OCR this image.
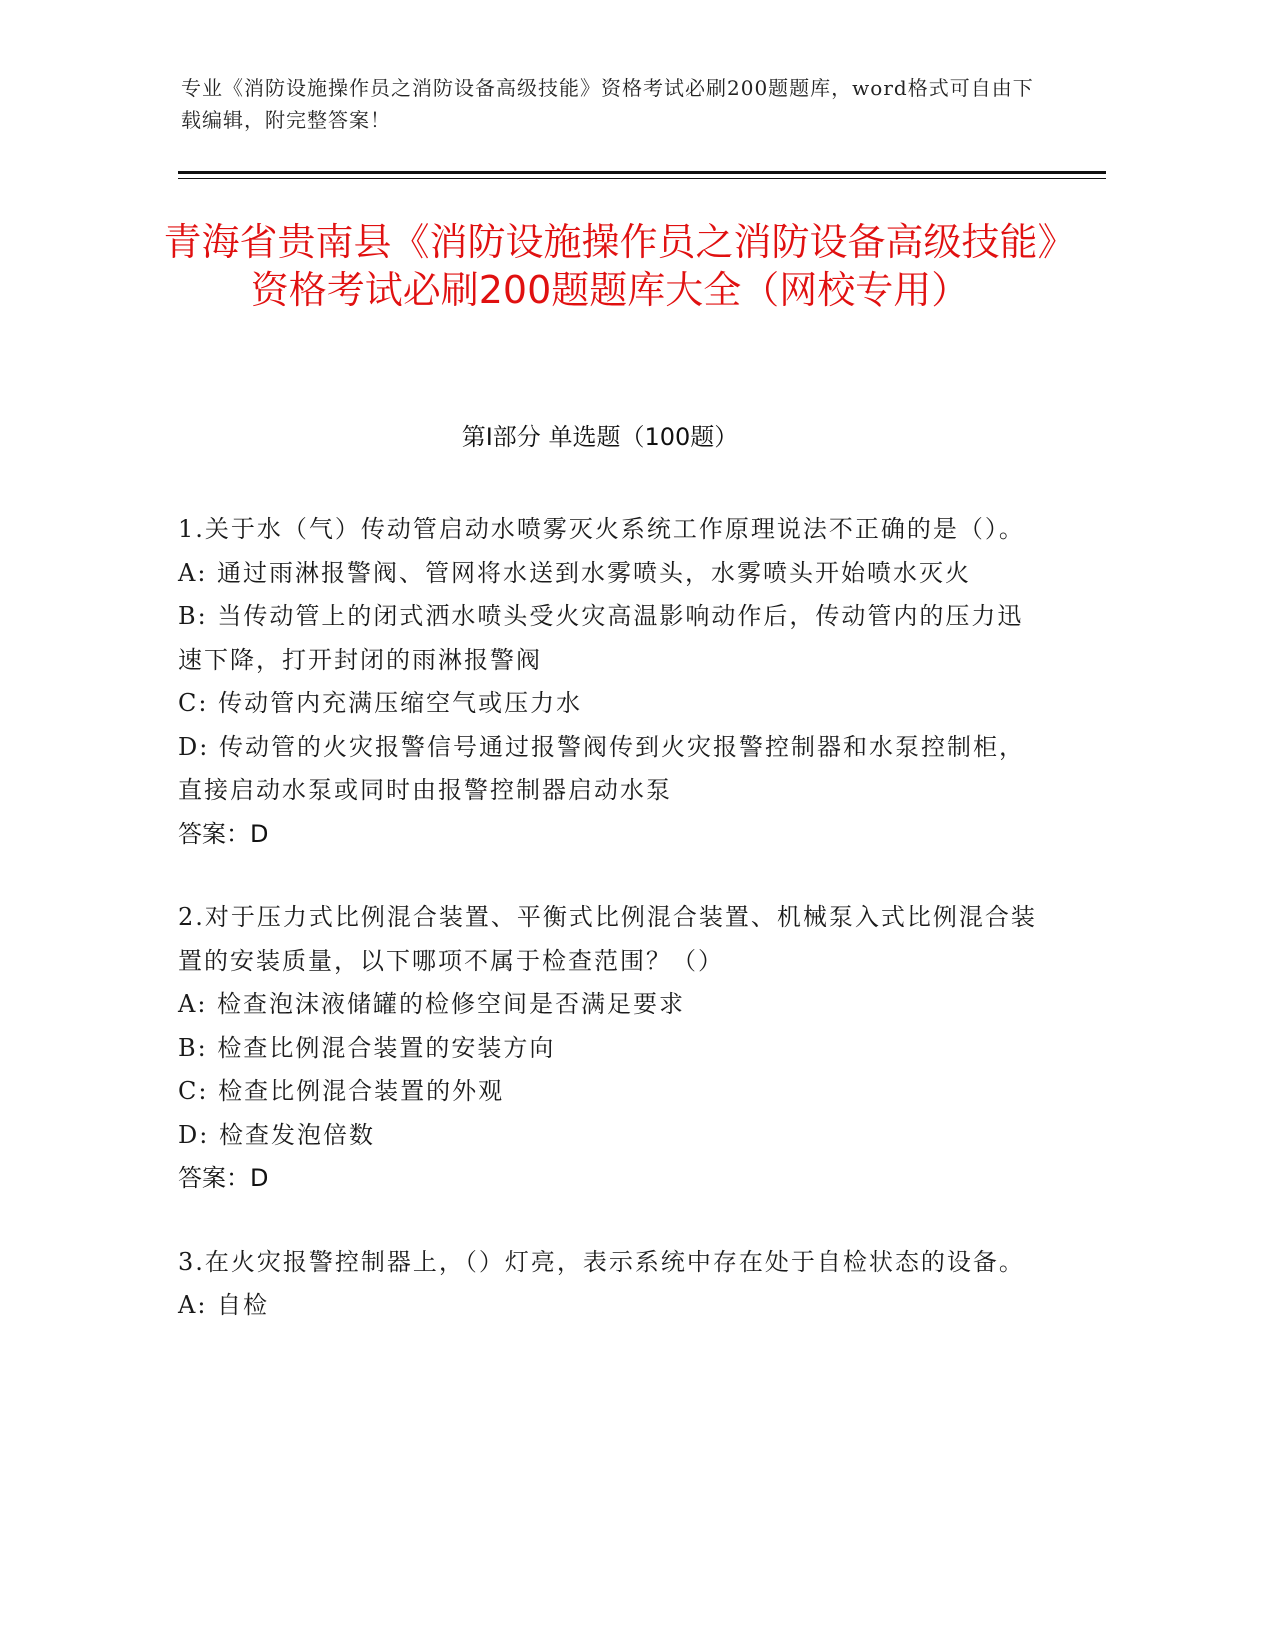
专业《消防设施操作员之消防设备高级技能》资格考试必刷200题题库，word格式可自由下载编辑，附完整答案！
青海省贵南县《消防设施操作员之消防设备高级技能》资格考试必刷200题题库大全（网校专用）
第Ⅰ部分 单选题（100题）
1.关于水（气）传动管启动水喷雾灭火系统工作原理说法不正确的是（）。
A: 通过雨淋报警阀、管网将水送到水雾喷头，水雾喷头开始喷水灭火
B: 当传动管上的闭式洒水喷头受火灾高温影响动作后，传动管内的压力迅速下降，打开封闭的雨淋报警阀
C: 传动管内充满压缩空气或压力水
D: 传动管的火灾报警信号通过报警阀传到火灾报警控制器和水泵控制柜，直接启动水泵或同时由报警控制器启动水泵
答案：D
2.对于压力式比例混合装置、平衡式比例混合装置、机械泵入式比例混合装置的安装质量，以下哪项不属于检查范围？（）
A: 检查泡沫液储罐的检修空间是否满足要求
B: 检查比例混合装置的安装方向
C: 检查比例混合装置的外观
D: 检查发泡倍数
答案：D
3.在火灾报警控制器上，（）灯亮，表示系统中存在处于自检状态的设备。
A: 自检
